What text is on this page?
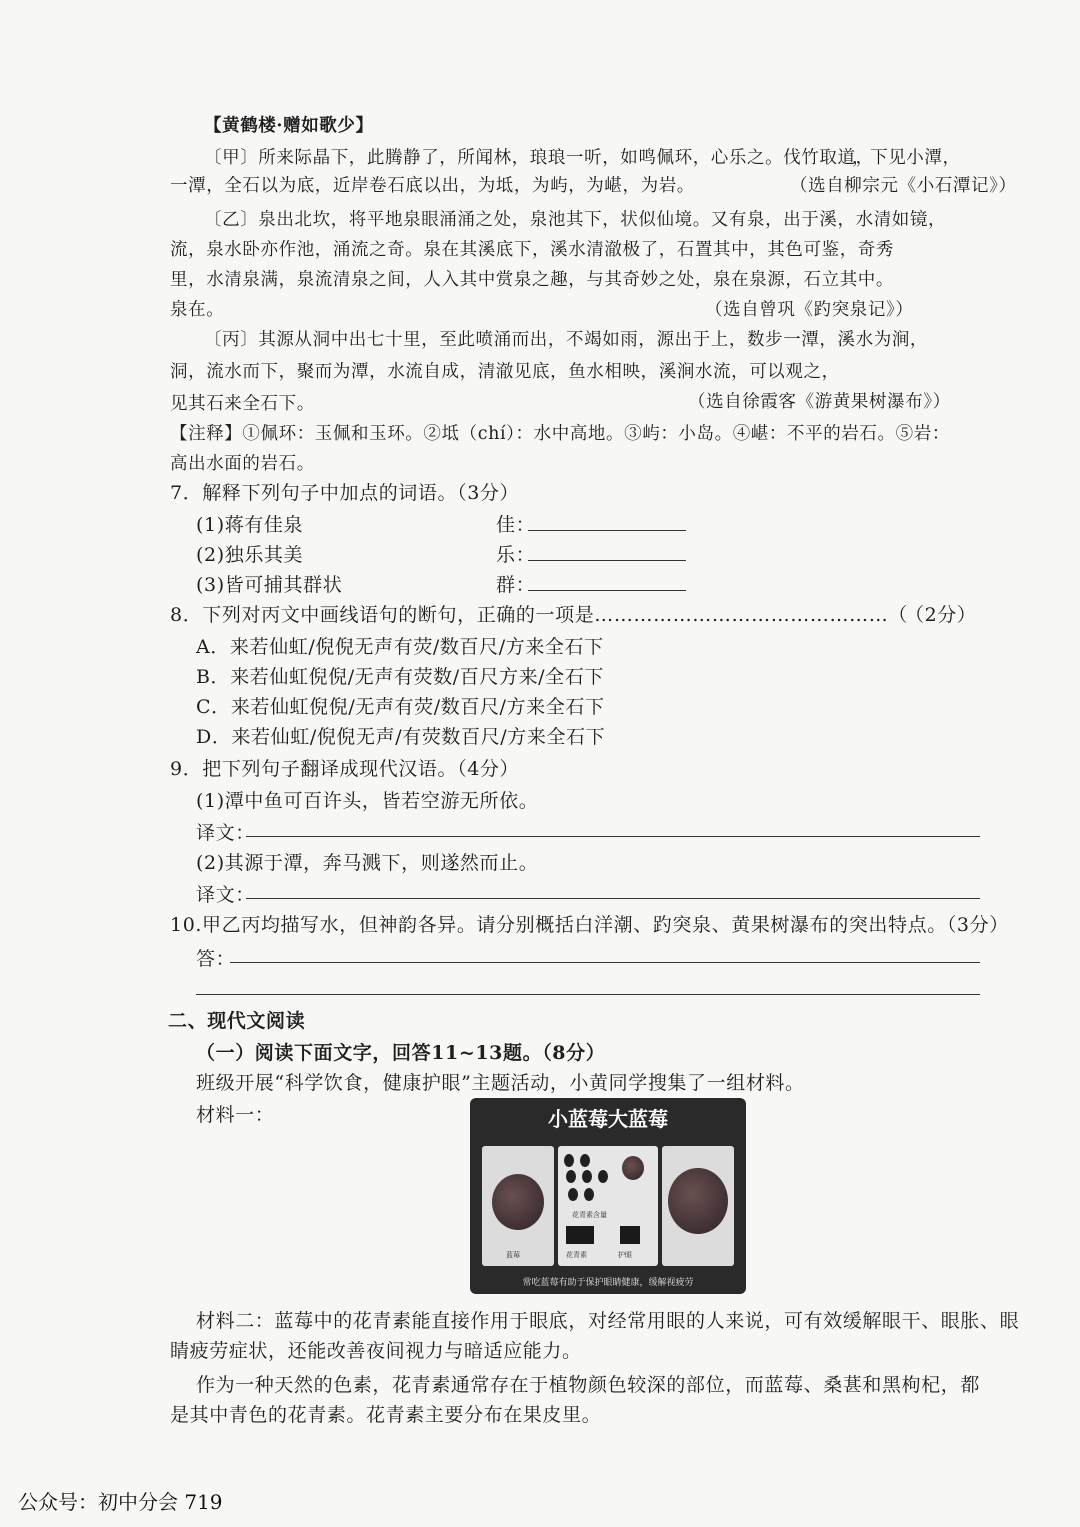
【黄鹤楼·赠如歌少】
〔甲〕所来际晶下，此腾静了，所闻林，琅琅一听，如鸣佩环，心乐之。伐竹取道，
，下见小潭，
一潭，全石以为底，近岸卷石底以出，为坻，为屿，为嵁，为岩。	（选自柳宗元《小石潭记》）
〔乙〕泉出北坎，将平地泉眼涌涌之处，泉池其下，状似仙境。又有泉，出于溪，水清如镜，
流，泉水卧亦作池，涌流之奇。泉在其溪底下，溪水清澈极了，石置其中，其色可鉴，奇秀
里，水清泉满，泉流清泉之间，人入其中赏泉之趣，与其奇妙之处，泉在泉源，石立其中。
泉在。	（选自曾巩《趵突泉记》）
〔丙〕其源从洞中出七十里，至此喷涌而出，不竭如雨，源出于上，数步一潭，溪水为涧，
洞，流水而下，聚而为潭，水流自成，清澈见底，鱼水相映，溪涧水流，可以观之，
见其石来全石下。	（选自徐霞客《游黄果树瀑布》）
【注释】①佩环：玉佩和玉环。②坻（chí）：水中高地。③屿：小岛。④嵁：不平的岩石。⑤岩：
高出水面的岩石。
7．解释下列句子中加点的词语。（3分）
(1)蒋有佳泉	佳：
(2)独乐其美	乐：
(3)皆可捕其群状	群：
8．下列对丙文中画线语句的断句，正确的一项是………………………………………（
（2分）
A．来若仙虹/倪倪无声有荧/数百尺/方来全石下
B．来若仙虹倪倪/无声有荧数/百尺方来/全石下
C．来若仙虹倪倪/无声有荧/数百尺/方来全石下
D．来若仙虹/倪倪无声/有荧数百尺/方来全石下
9．把下列句子翻译成现代汉语。（4分）
(1)潭中鱼可百许头，皆若空游无所依。
译文：
(2)其源于潭，奔马溅下，则遂然而止。
译文：
10.甲乙丙均描写水，但神韵各异。请分别概括白洋潮、趵突泉、黄果树瀑布的突出特点。（3分）
答：
二、现代文阅读
（一）阅读下面文字，回答11~13题。（8分）
班级开展“科学饮食，健康护眼”主题活动，小黄同学搜集了一组材料。
材料一：	小蓝莓大蓝莓
蓝莓
花青素含量
花青素	护眼
常吃蓝莓有助于保护眼睛健康，缓解视疲劳
材料二：蓝莓中的花青素能直接作用于眼底，对经常用眼的人来说，可有效缓解眼干、眼胀、眼
睛疲劳症状，还能改善夜间视力与暗适应能力。
作为一种天然的色素，花青素通常存在于植物颜色较深的部位，而蓝莓、桑葚和黑枸杞，都
是其中青色的花青素。花青素主要分布在果皮里。
公众号：初中分会 719
